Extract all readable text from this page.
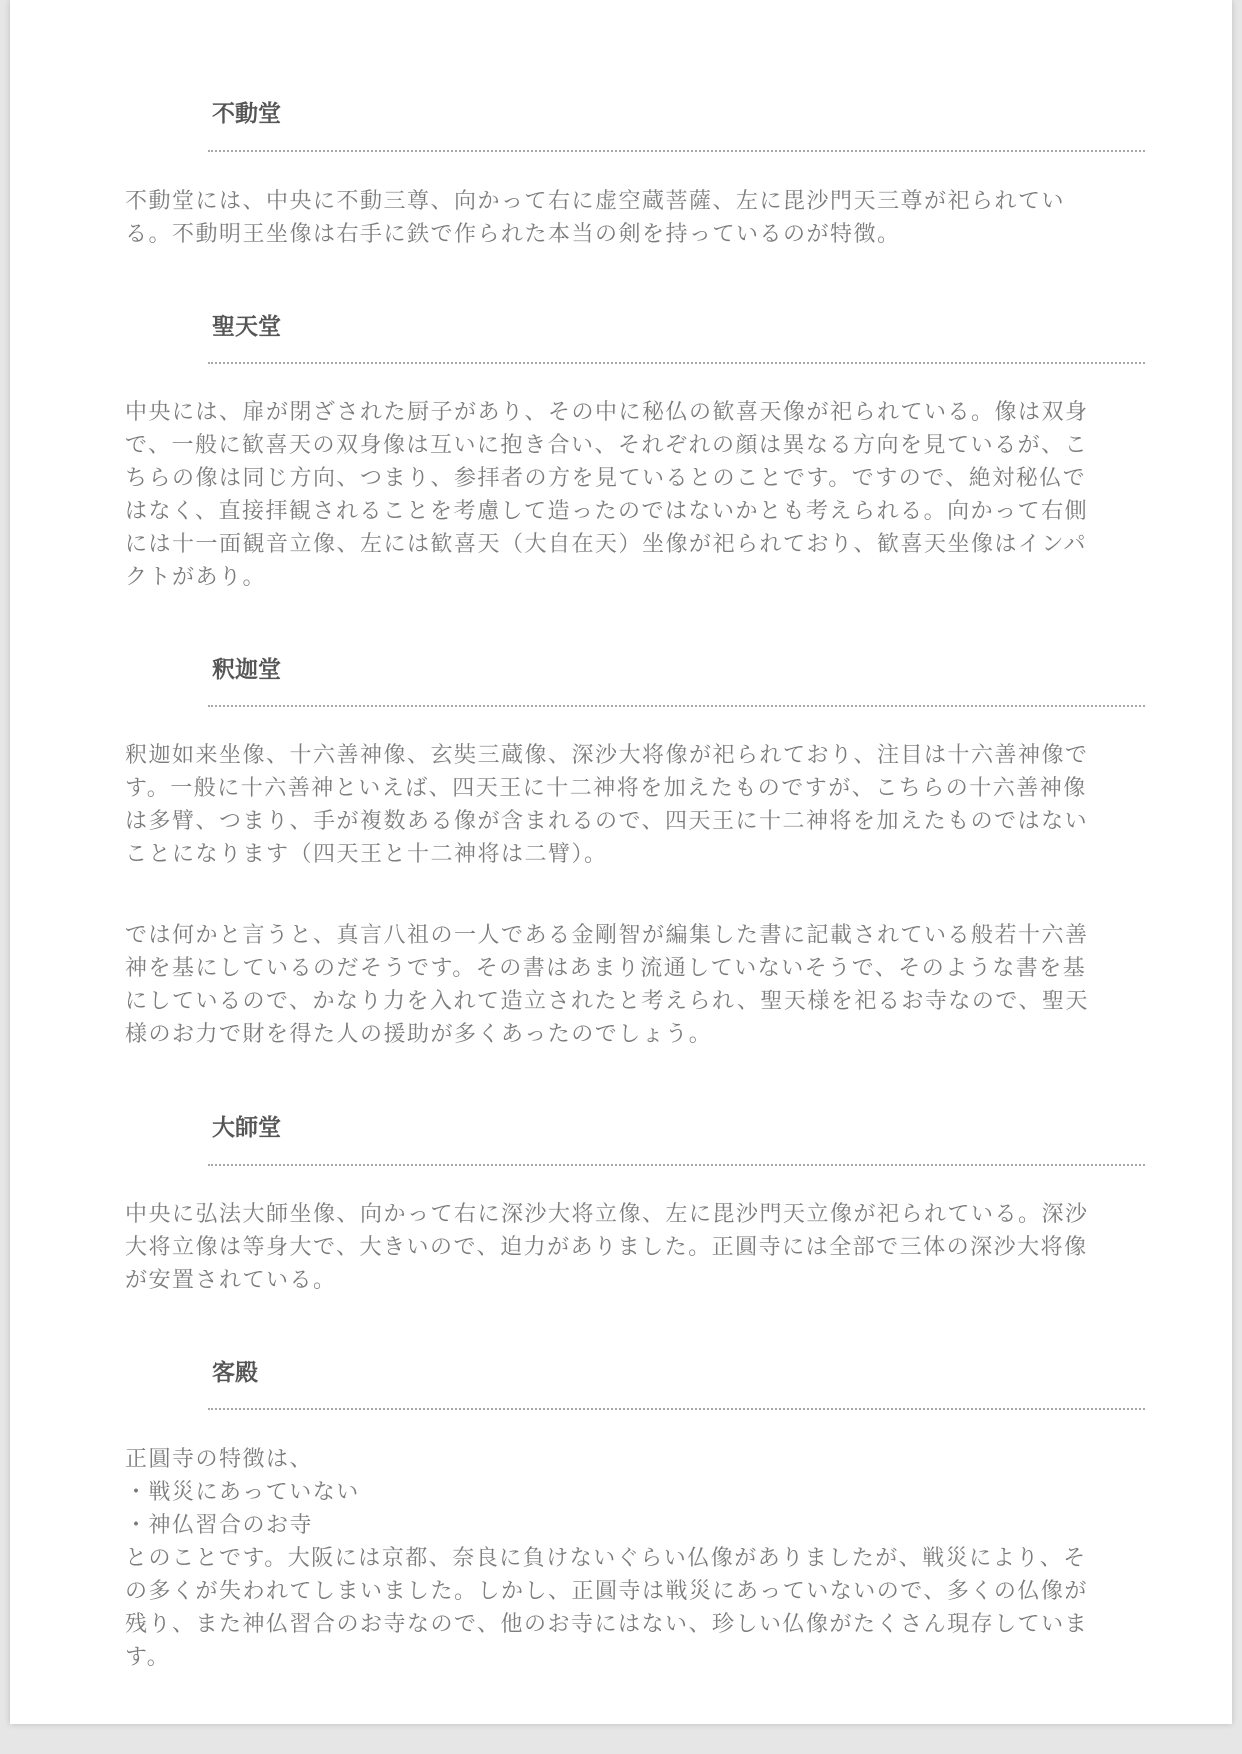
不動堂

不動堂には、中央に不動三尊、向かって右に虚空蔵菩薩、左に毘沙門天三尊が祀られてい
る。不動明王坐像は右手に鉄で作られた本当の剣を持っているのが特徴。

聖天堂

中央には、扉が閉ざされた厨子があり、その中に秘仏の歓喜天像が祀られている。像は双身
で、一般に歓喜天の双身像は互いに抱き合い、それぞれの顔は異なる方向を見ているが、こ
ちらの像は同じ方向、つまり、参拝者の方を見ているとのことです。ですので、絶対秘仏で
はなく、直接拝観されることを考慮して造ったのではないかとも考えられる。向かって右側
には十一面観音立像、左には歓喜天（大自在天）坐像が祀られており、歓喜天坐像はインパ
クトがあり。

釈迦堂

釈迦如来坐像、十六善神像、玄奘三蔵像、深沙大将像が祀られており、注目は十六善神像で
す。一般に十六善神といえば、四天王に十二神将を加えたものですが、こちらの十六善神像
は多臂、つまり、手が複数ある像が含まれるので、四天王に十二神将を加えたものではない
ことになります（四天王と十二神将は二臂）。

では何かと言うと、真言八祖の一人である金剛智が編集した書に記載されている般若十六善
神を基にしているのだそうです。その書はあまり流通していないそうで、そのような書を基
にしているので、かなり力を入れて造立されたと考えられ、聖天様を祀るお寺なので、聖天
様のお力で財を得た人の援助が多くあったのでしょう。

大師堂

中央に弘法大師坐像、向かって右に深沙大将立像、左に毘沙門天立像が祀られている。深沙
大将立像は等身大で、大きいので、迫力がありました。正圓寺には全部で三体の深沙大将像
が安置されている。

客殿

正圓寺の特徴は、
・戦災にあっていない
・神仏習合のお寺
とのことです。大阪には京都、奈良に負けないぐらい仏像がありましたが、戦災により、そ
の多くが失われてしまいました。しかし、正圓寺は戦災にあっていないので、多くの仏像が
残り、また神仏習合のお寺なので、他のお寺にはない、珍しい仏像がたくさん現存していま
す。
